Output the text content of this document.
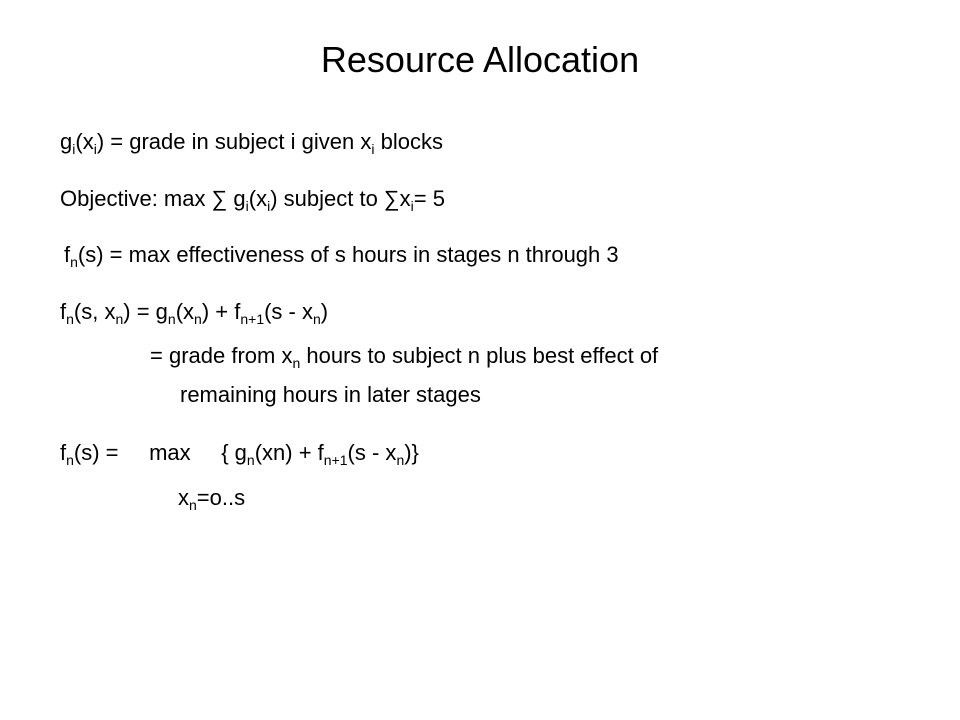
Resource Allocation
$g_i(x_i)$ = grade in subject i given $x_i$ blocks
Objective: max ∑ $g_i(x_i)$ subject to $\sum x_i= 5$
$f_n(s) = \max$ effectiveness of s hours in stages n through 3
$f_n(s$, $x_n) = g_n(x_n) + f_{n+1}(s - x_n)$
= grade from $x_n$ hours to subject n plus best effect of
remaining hours in later stages
$f_n(s)$ =     max     { $g_n(xn) + f_{n+1}(s - x_n)$}
$x_n=o..s$
